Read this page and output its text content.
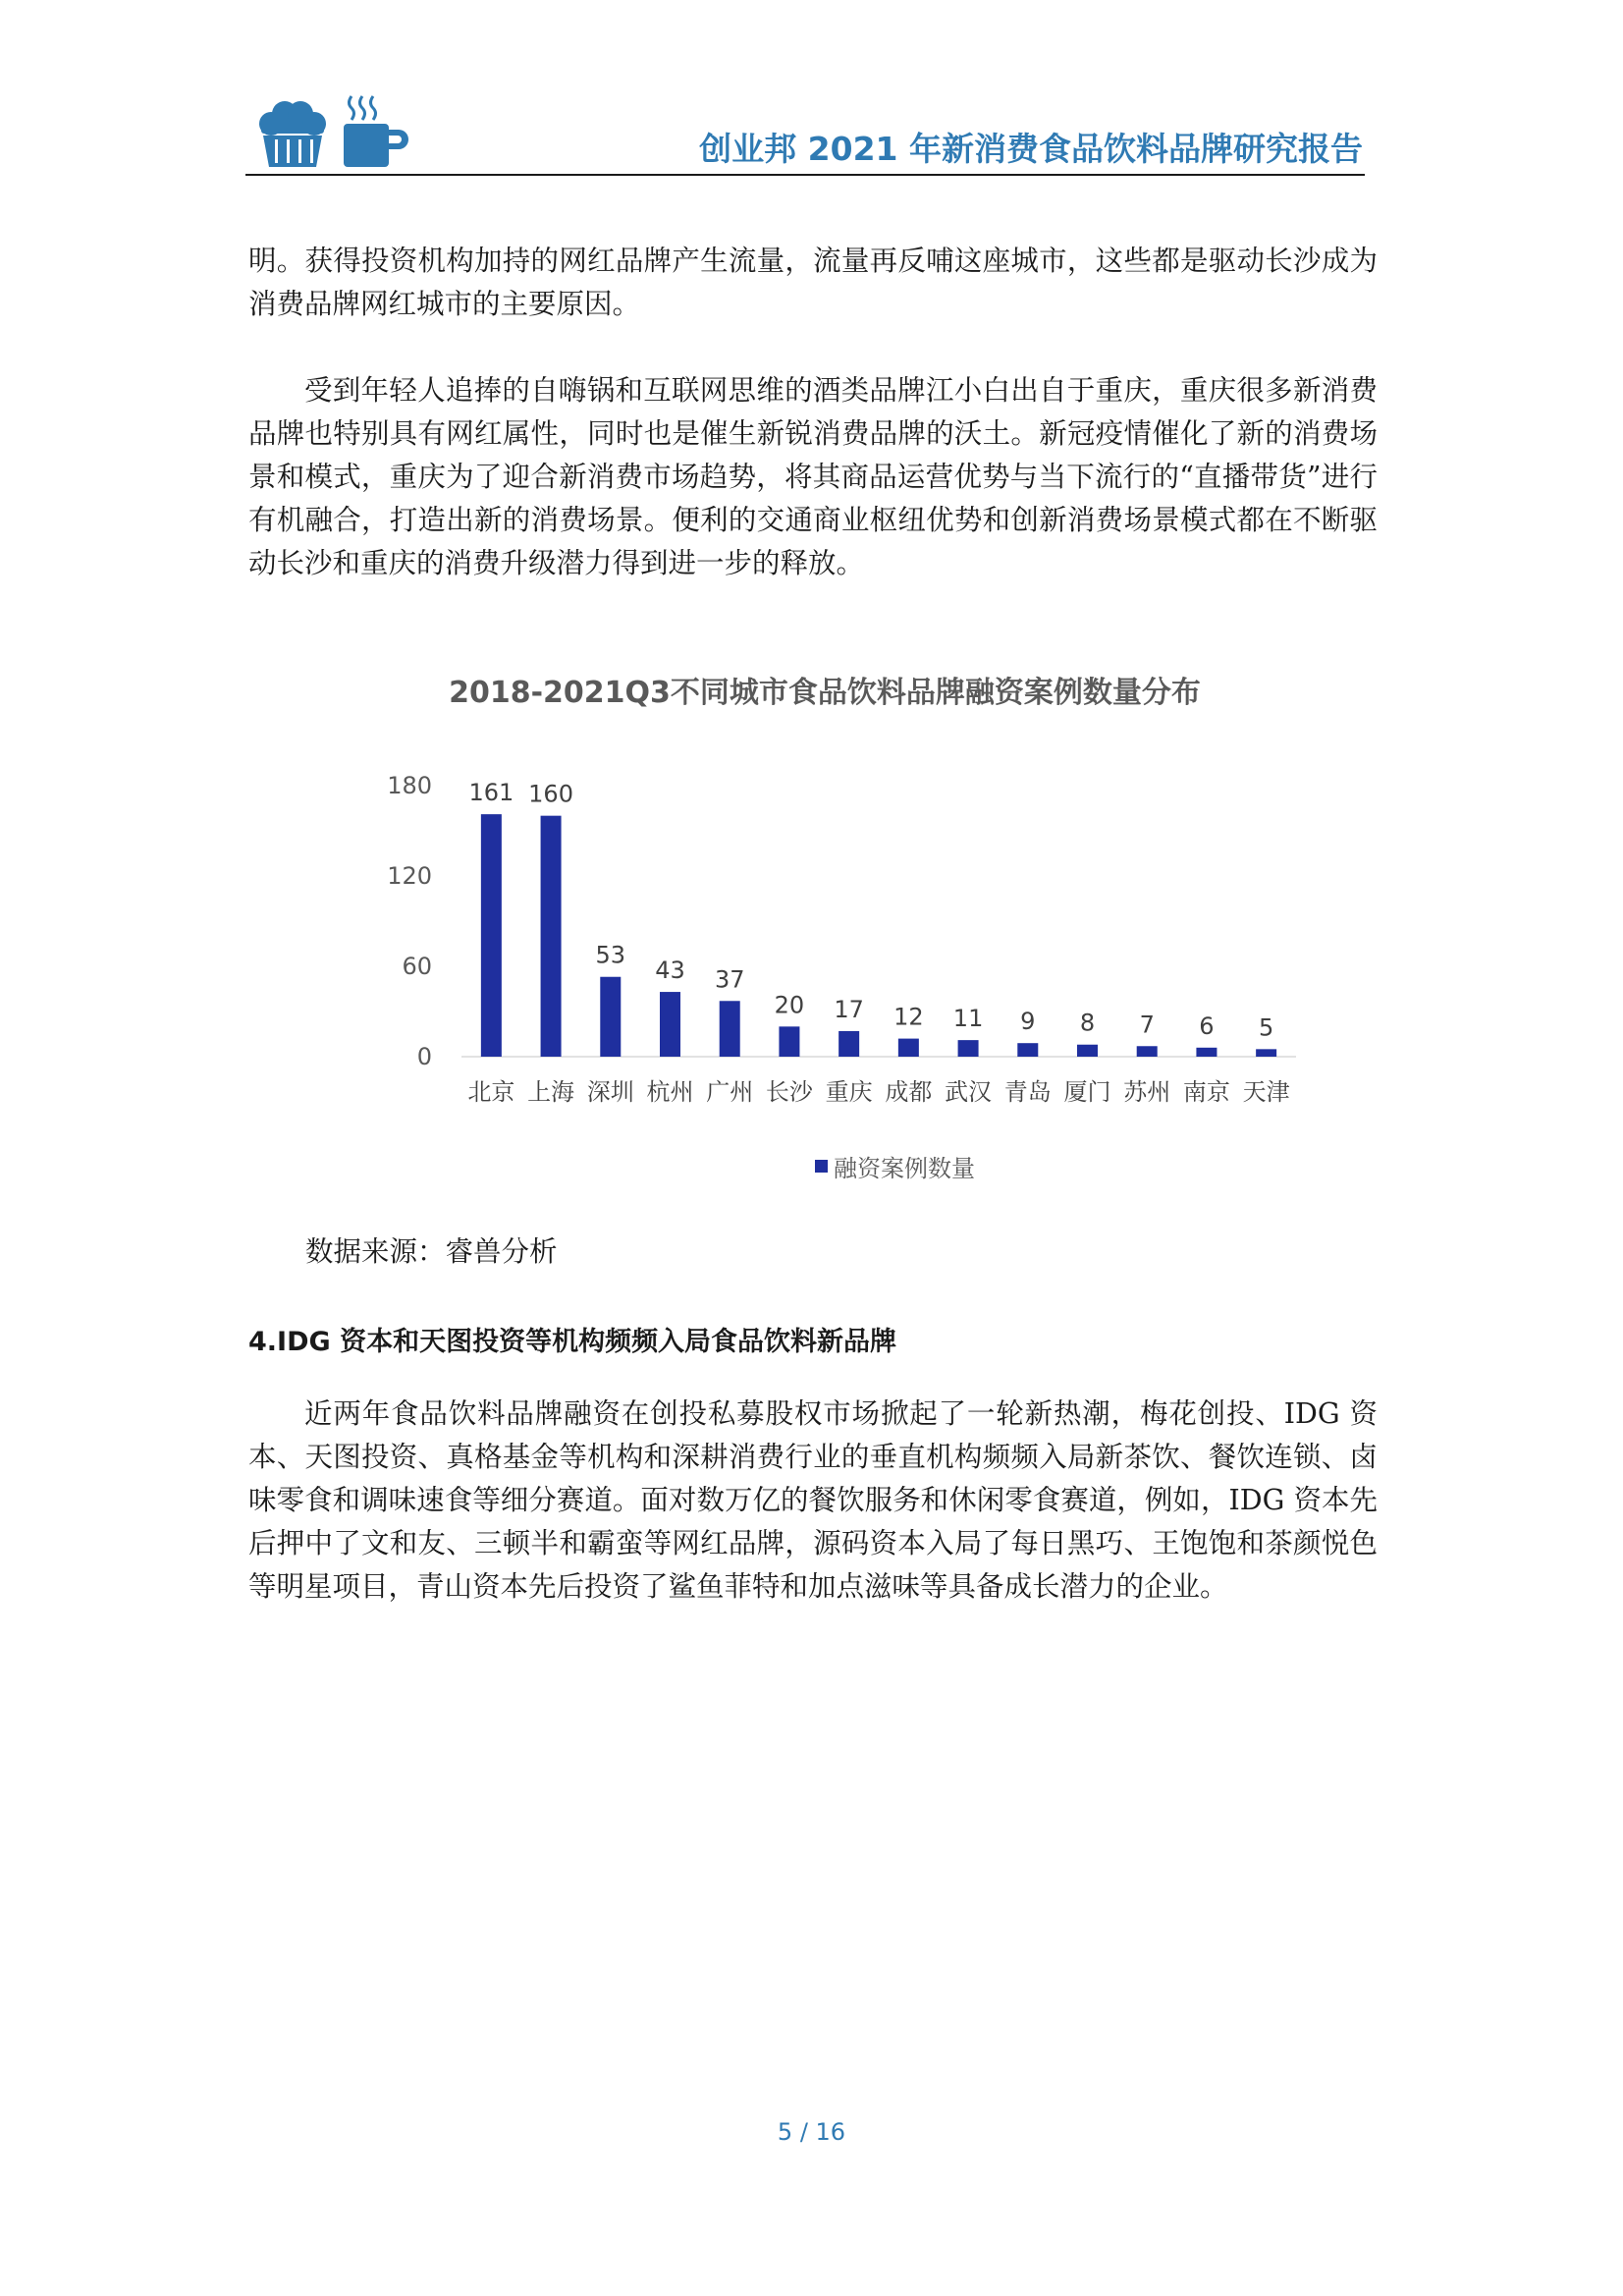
创业邦 2021 年新消费食品饮料品牌研究报告

明。获得投资机构加持的网红品牌产生流量，流量再反哺这座城市，这些都是驱动长沙成为消费品牌网红城市的主要原因。

受到年轻人追捧的自嗨锅和互联网思维的酒类品牌江小白出自于重庆，重庆很多新消费品牌也特别具有网红属性，同时也是催生新锐消费品牌的沃土。新冠疫情催化了新的消费场景和模式，重庆为了迎合新消费市场趋势，将其商品运营优势与当下流行的“直播带货”进行有机融合，打造出新的消费场景。便利的交通商业枢纽优势和创新消费场景模式都在不断驱动长沙和重庆的消费升级潜力得到进一步的释放。

近两年食品饮料品牌融资在创投私募股权市场掀起了一轮新热潮，梅花创投、IDG 资本、天图投资、真格基金等机构和深耕消费行业的垂直机构频频入局新茶饮、餐饮连锁、卤味零食和调味速食等细分赛道。面对数万亿的餐饮服务和休闲零食赛道，例如，IDG 资本先后押中了文和友、三顿半和霸蛮等网红品牌，源码资本入局了每日黑巧、王饱饱和茶颜悦色等明星项目，青山资本先后投资了鲨鱼菲特和加点滋味等具备成长潜力的企业。

2018-2021Q3不同城市食品饮料品牌融资案例数量分布
0
60
120
180 161
北京
160
上海
53
深圳
43
杭州
37
广州
20
长沙
17
重庆
12
成都
11
武汉
9
青岛
8
厦门
7
苏州
6
南京
5
天津
融资案例数量
数据来源：睿兽分析
4.IDG 资本和天图投资等机构频频入局食品饮料新品牌
5 / 16
